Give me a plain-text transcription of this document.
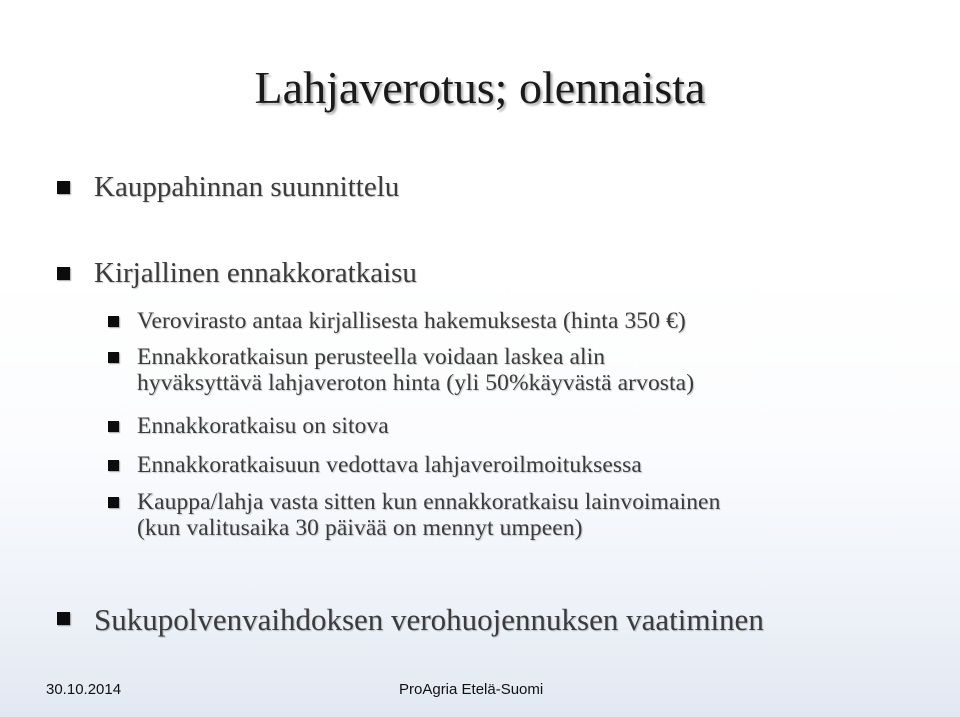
Lahjaverotus; olennaista
Kauppahinnan suunnittelu
Kirjallinen ennakkoratkaisu
Verovirasto antaa kirjallisesta hakemuksesta (hinta 350 €)
Ennakkoratkaisun perusteella voidaan laskea alin
hyväksyttävä lahjaveroton hinta (yli 50%käyvästä arvosta)
Ennakkoratkaisu on sitova
Ennakkoratkaisuun vedottava lahjaveroilmoituksessa
Kauppa/lahja vasta sitten kun ennakkoratkaisu lainvoimainen
(kun valitusaika 30 päivää on mennyt umpeen)
Sukupolvenvaihdoksen verohuojennuksen vaatiminen
30.10.2014	ProAgria Etelä-Suomi
